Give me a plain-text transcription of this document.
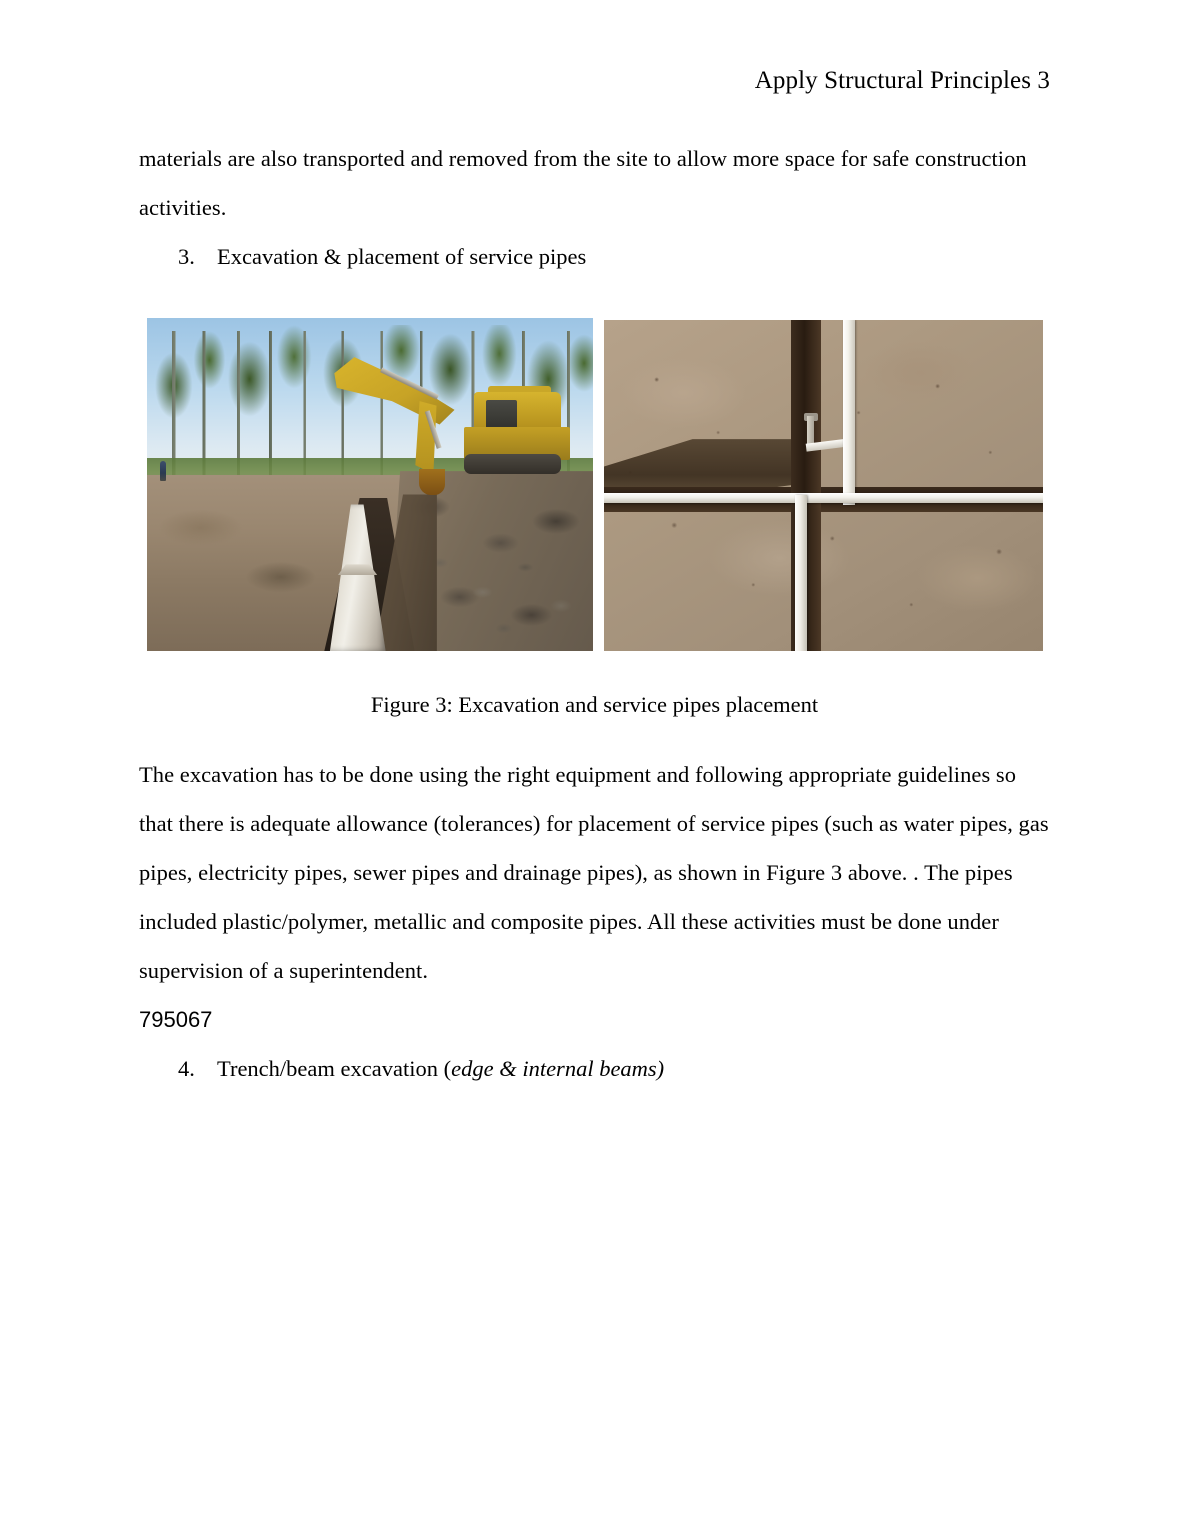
Apply Structural Principles 3

materials are also transported and removed from the site to allow more space for safe construction activities.

3. Excavation & placement of service pipes
Figure 3: Excavation and service pipes placement

The excavation has to be done using the right equipment and following appropriate guidelines so that there is adequate allowance (tolerances) for placement of service pipes (such as water pipes, gas pipes, electricity pipes, sewer pipes and drainage pipes), as shown in Figure 3 above. . The pipes included plastic/polymer, metallic and composite pipes. All these activities must be done under supervision of a superintendent.

795067
4. Trench/beam excavation (edge & internal beams)
